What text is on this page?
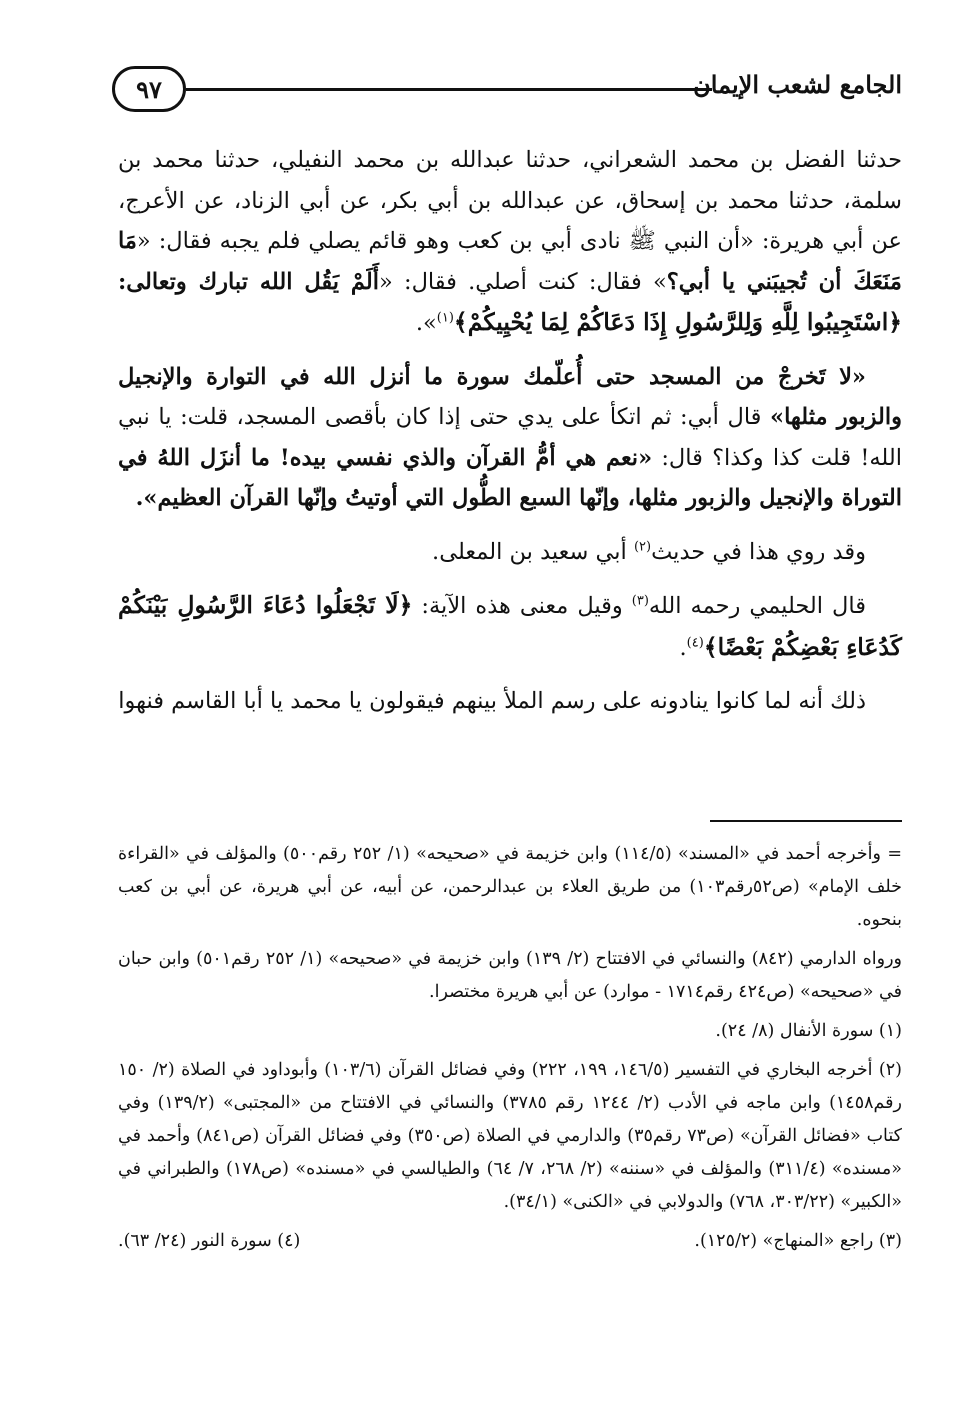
٩٧	الجامع لشعب الإيمان

حدثنا الفضل بن محمد الشعراني، حدثنا عبدالله بن محمد النفيلي، حدثنا محمد بن سلمة، حدثنا محمد بن إسحاق، عن عبدالله بن أبي بكر، عن أبي الزناد، عن الأعرج، عن أبي هريرة: «أن النبي ﷺ نادى أبي بن كعب وهو قائم يصلي فلم يجبه فقال: «مَا مَنَعَكَ أن تُجيبَني يا أبي؟» فقال: كنت أصلي. فقال: «أَلَمْ يَقُل الله تبارك وتعالى: ﴿اسْتَجِيبُوا لِلَّهِ وَلِلرَّسُولِ إِذَا دَعَاكُمْ لِمَا يُحْيِيكُمْ﴾$^{(١)}$».

«لا تَخرجْ من المسجد حتى أُعلّمك سورة ما أنزل الله في التوارة والإنجيل والزبور مثلها» قال أبي: ثم اتكأ على يدي حتى إذا كان بأقصى المسجد، قلت: يا نبي الله! قلت كذا وكذا؟ قال: «نعم هي أمُّ القرآن والذي نفسي بيده! ما أنزَل اللهُ في التوراة والإنجيل والزبور مثلها، وإنّها السبع الطُّول التي أوتيتُ وإنّها القرآن العظيم».

وقد روي هذا في حديث$^{(٢)}$ أبي سعيد بن المعلى.

قال الحليمي رحمه الله$^{(٣)}$ وقيل معنى هذه الآية: ﴿لَا تَجْعَلُوا دُعَاءَ الرَّسُولِ بَيْنَكُمْ كَدُعَاءِ بَعْضِكُمْ بَعْضًا﴾$^{(٤)}$.

ذلك أنه لما كانوا ينادونه على رسم الملأ بينهم فيقولون يا محمد يا أبا القاسم فنهوا

= وأخرجه أحمد في «المسند» (١١٤/٥) وابن خزيمة في «صحيحه» (١/ ٢٥٢ رقم٥٠٠) والمؤلف في «القراءة خلف الإمام» (ص٥٢رقم١٠٣) من طريق العلاء بن عبدالرحمن، عن أبيه، عن أبي هريرة، عن أبي بن كعب بنحوه.

ورواه الدارمي (٨٤٢) والنسائي في الافتتاح (٢/ ١٣٩) وابن خزيمة في «صحيحه» (١/ ٢٥٢ رقم٥٠١) وابن حبان في «صحيحه» (ص٤٢٤ رقم١٧١٤ - موارد) عن أبي هريرة مختصرا.

(١) سورة الأنفال (٨/ ٢٤).

(٢) أخرجه البخاري في التفسير (١٤٦/٥، ١٩٩، ٢٢٢) وفي فضائل القرآن (١٠٣/٦) وأبوداود في الصلاة (٢/ ١٥٠ رقم١٤٥٨) وابن ماجه في الأدب (٢/ ١٢٤٤ رقم ٣٧٨٥) والنسائي في الافتتاح من «المجتبى» (١٣٩/٢) وفي كتاب «فضائل القرآن» (ص٧٣ رقم٣٥) والدارمي في الصلاة (ص٣٥٠) وفي فضائل القرآن (ص٨٤١) وأحمد في «مسنده» (٣١١/٤) والمؤلف في «سننه» (٢/ ٢٦٨، ٧/ ٦٤) والطيالسي في «مسنده» (ص١٧٨) والطبراني في «الكبير» (٣٠٣/٢٢، ٧٦٨) والدولابي في «الكنى» (٣٤/١).

(٣) راجع «المنهاج» (١٢٥/٢).
(٤) سورة النور (٢٤/ ٦٣).
